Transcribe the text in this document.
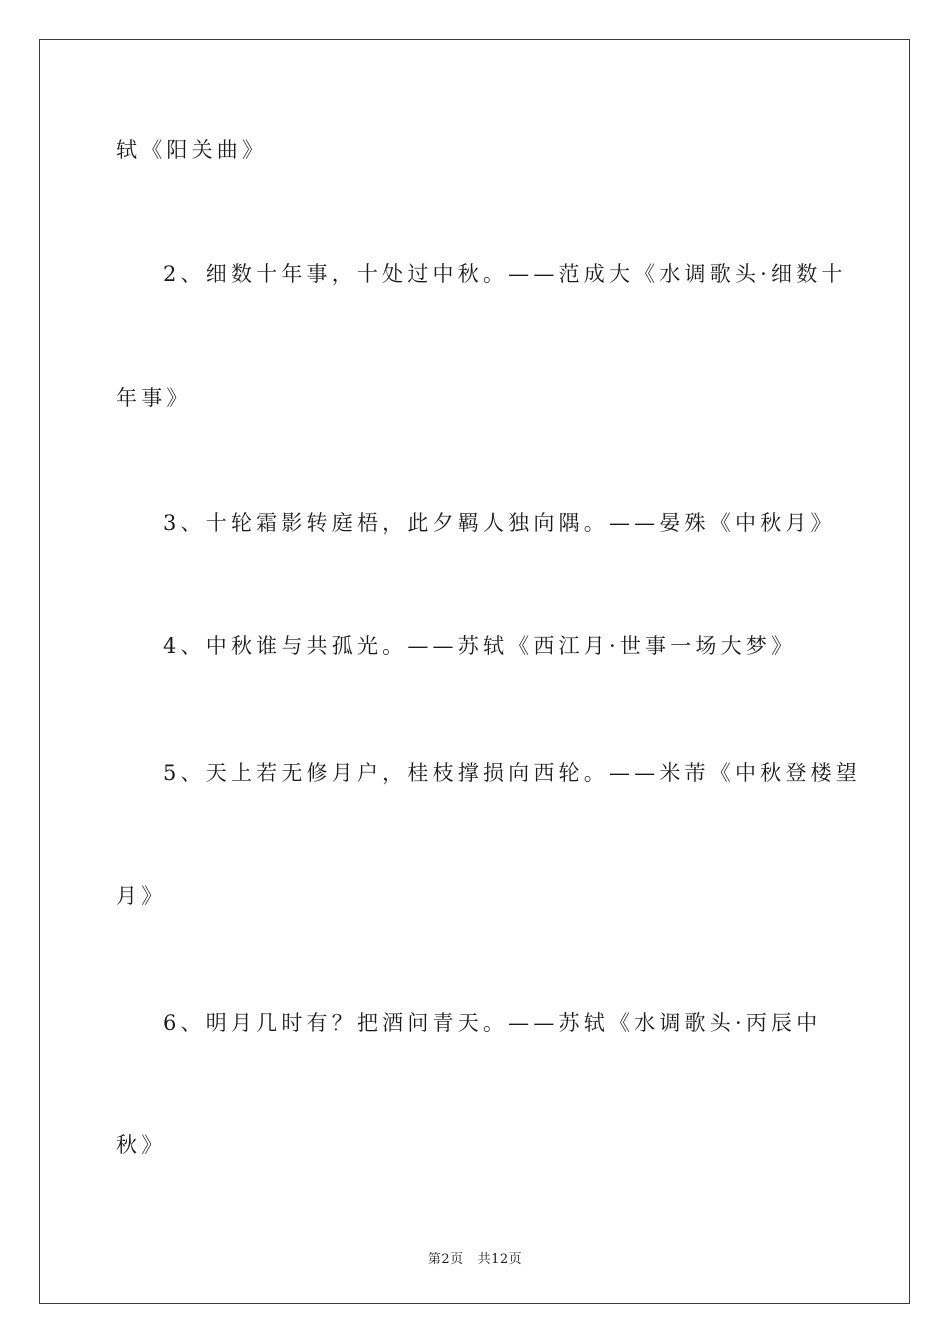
轼《阳关曲》
2、细数十年事，十处过中秋。——范成大《水调歌头·细数十
年事》
3、十轮霜影转庭梧，此夕羁人独向隅。——晏殊《中秋月》
4、中秋谁与共孤光。——苏轼《西江月·世事一场大梦》
5、天上若无修月户，桂枝撑损向西轮。——米芾《中秋登楼望
月》
6、明月几时有？把酒问青天。——苏轼《水调歌头·丙辰中
秋》
第2页 共12页
